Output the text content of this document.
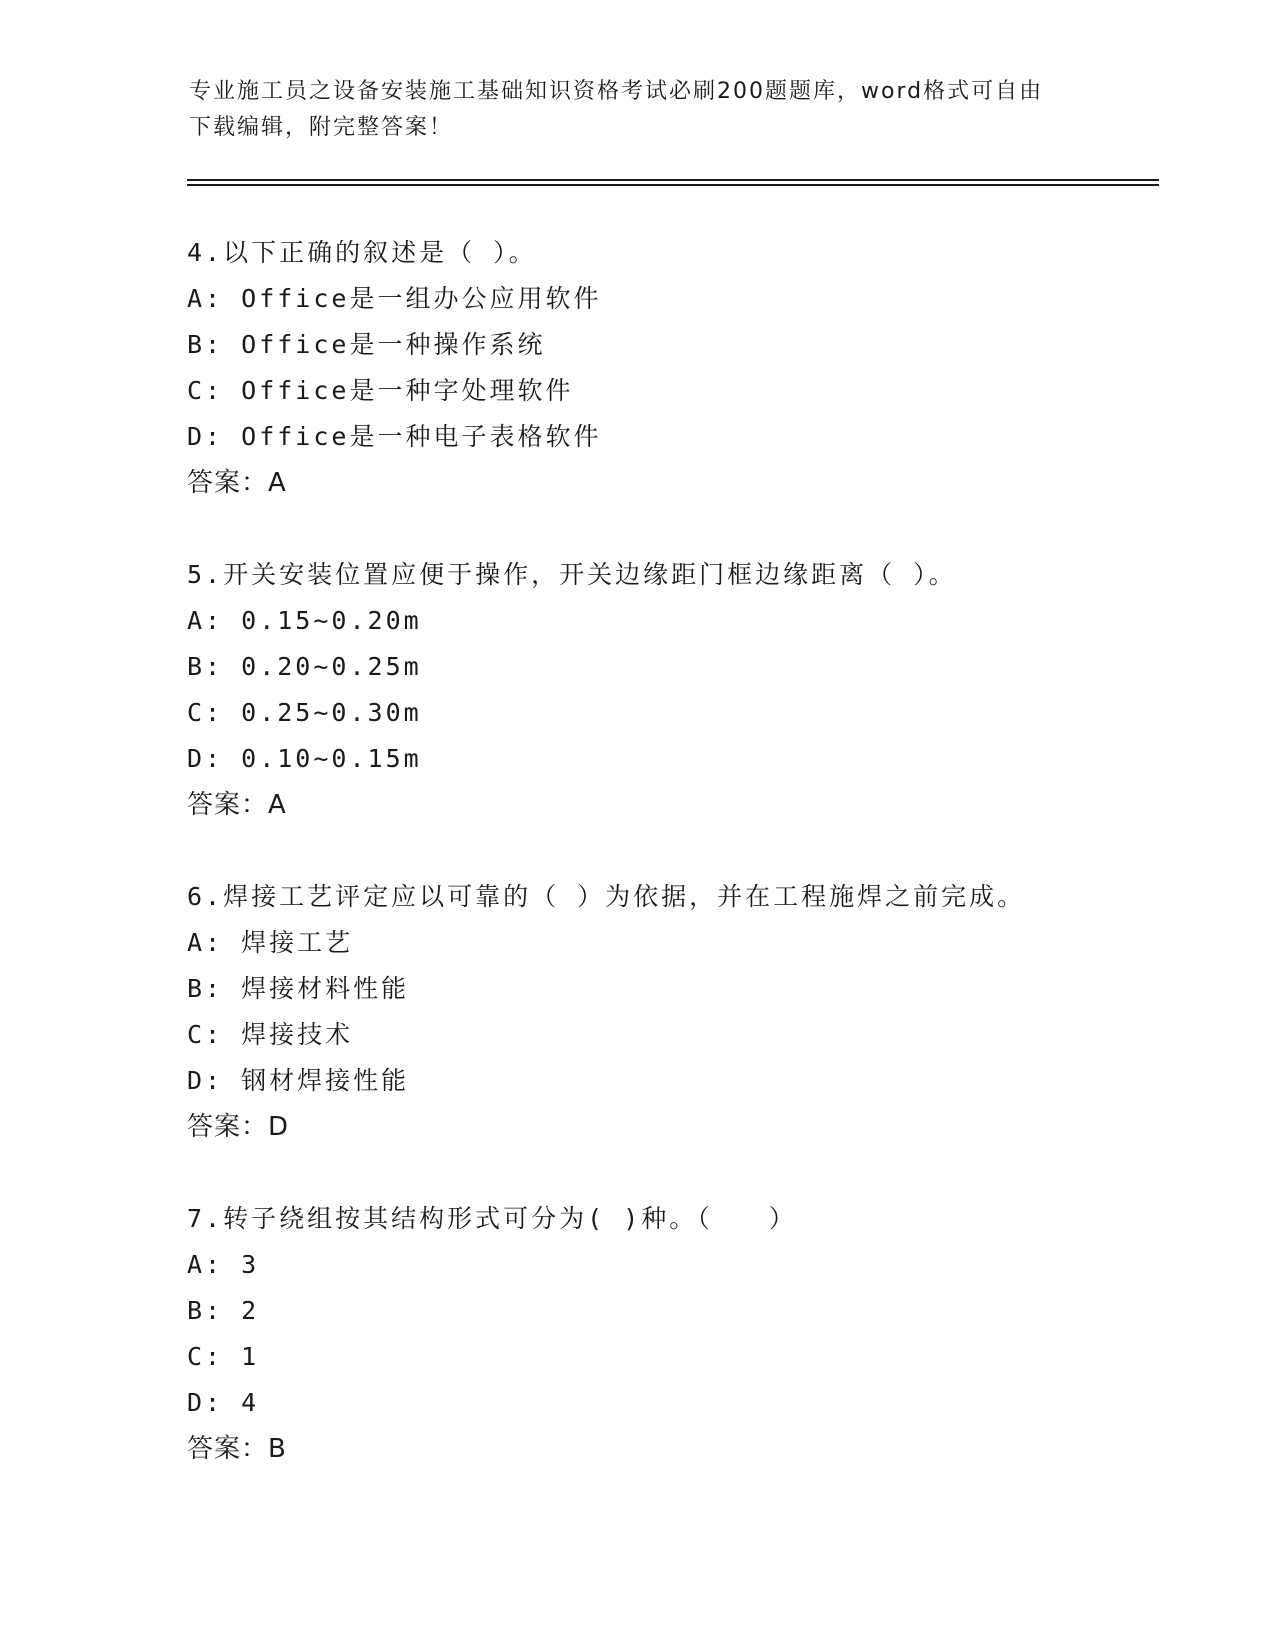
专业施工员之设备安装施工基础知识资格考试必刷200题题库，word格式可自由
下载编辑，附完整答案！
4.以下正确的叙述是（ ）。
A: Office是一组办公应用软件
B: Office是一种操作系统
C: Office是一种字处理软件
D: Office是一种电子表格软件
答案：A
5.开关安装位置应便于操作，开关边缘距门框边缘距离（ ）。
A: 0.15~0.20m
B: 0.20~0.25m
C: 0.25~0.30m
D: 0.10~0.15m
答案：A
6.焊接工艺评定应以可靠的（ ）为依据，并在工程施焊之前完成。
A: 焊接工艺
B: 焊接材料性能
C: 焊接技术
D: 钢材焊接性能
答案：D
7.转子绕组按其结构形式可分为( )种。（　　）
A: 3
B: 2
C: 1
D: 4
答案：B
